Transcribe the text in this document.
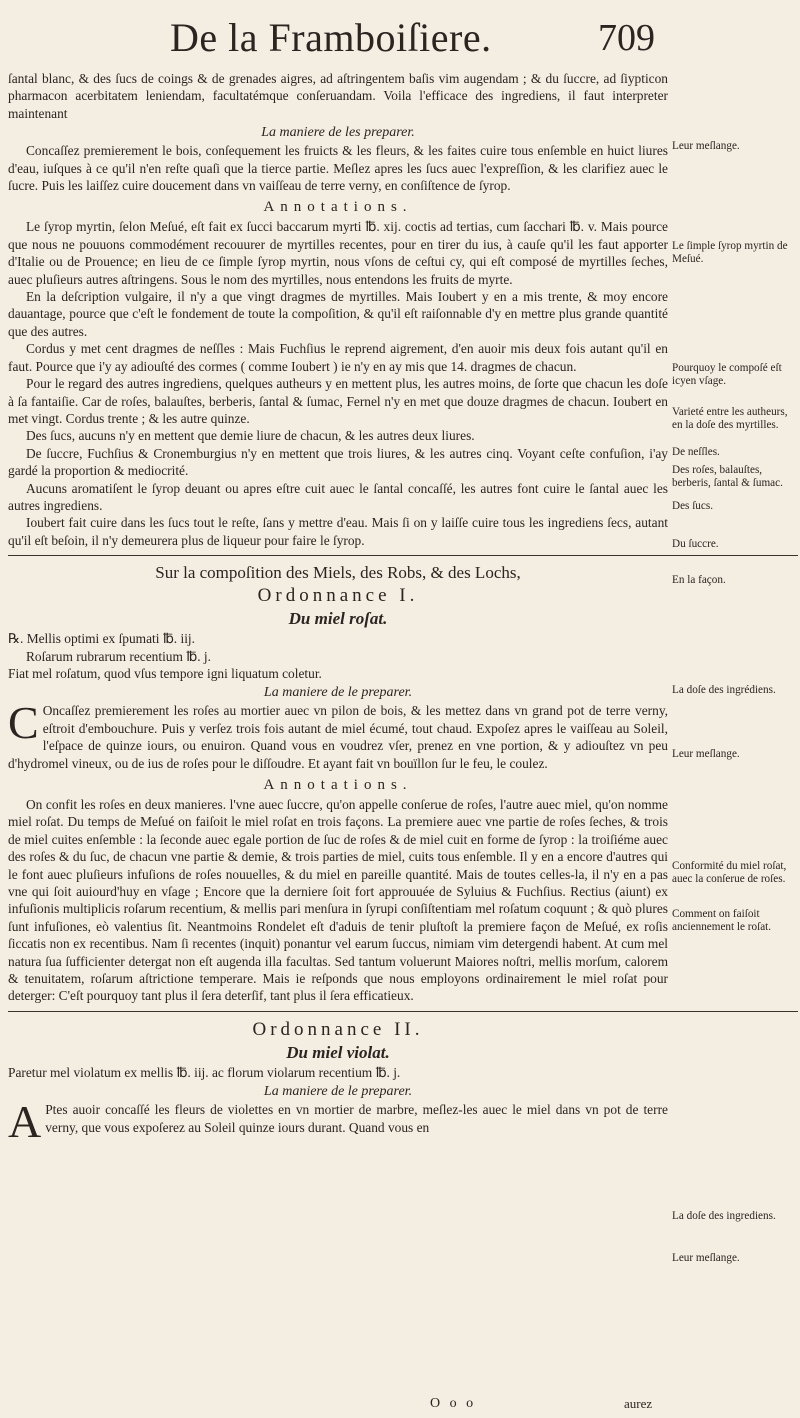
De la Framboiſiere.	709

ſantal blanc, & des ſucs de coings & de grenades aigres, ad aſtringentem baſis vim augendam ; & du ſuccre, ad ſiypticon pharmacon acerbitatem leniendam, facultatémque conſeruandam. Voila l'efficace des ingrediens, il faut interpreter maintenant

La maniere de les preparer.

Concaſſez premierement le bois, conſequement les fruicts & les fleurs, & les faites cuire tous enſemble en huict liures d'eau, iuſques à ce qu'il n'en reſte quaſi que la tierce partie. Meſlez apres les ſucs auec l'expreſſion, & les clarifiez auec le ſucre. Puis les laiſſez cuire doucement dans vn vaiſſeau de terre verny, en conſiſtence de ſyrop.

Annotations.

Le ſyrop myrtin, ſelon Meſué, eſt fait ex ſucci baccarum myrti ℔. xij. coctis ad tertias, cum ſacchari ℔. v. Mais pource que nous ne pouuons commodément recouurer de myrtilles recentes, pour en tirer du ius, à cauſe qu'il les faut apporter d'Italie ou de Prouence; en lieu de ce ſimple ſyrop myrtin, nous vſons de ceſtui cy, qui eſt composé de myrtilles ſeches, auec pluſieurs autres aſtringens. Sous le nom des myrtilles, nous entendons les fruits de myrte.

En la deſcription vulgaire, il n'y a que vingt dragmes de myrtilles. Mais Ioubert y en a mis trente, & moy encore dauantage, pource que c'eſt le fondement de toute la compoſition, & qu'il eſt raiſonnable d'y en mettre plus grande quantité que des autres.

Cordus y met cent dragmes de neſſles : Mais Fuchſius le reprend aigrement, d'en auoir mis deux fois autant qu'il en faut. Pource que i'y ay adiouſté des cormes ( comme Ioubert ) ie n'y en ay mis que 14. dragmes de chacun.

Pour le regard des autres ingrediens, quelques autheurs y en mettent plus, les autres moins, de ſorte que chacun les doſe à ſa fantaiſie. Car de roſes, balauſtes, berberis, ſantal & ſumac, Fernel n'y en met que douze dragmes de chacun. Ioubert en met vingt. Cordus trente ; & les autre quinze.

Des ſucs, aucuns n'y en mettent que demie liure de chacun, & les autres deux liures.

De ſuccre, Fuchſius & Cronemburgius n'y en mettent que trois liures, & les autres cinq. Voyant ceſte confuſion, i'ay gardé la proportion & mediocrité.

Aucuns aromatiſent le ſyrop deuant ou apres eſtre cuit auec le ſantal concaſſé, les autres font cuire le ſantal auec les autres ingrediens.

Ioubert fait cuire dans les ſucs tout le reſte, ſans y mettre d'eau. Mais ſi on y laiſſe cuire tous les ingrediens ſecs, autant qu'il eſt beſoin, il n'y demeurera plus de liqueur pour faire le ſyrop.

Sur la compoſition des Miels, des Robs, & des Lochs,

Ordonnance I.

Du miel roſat.

℞. Mellis optimi ex ſpumati ℔. iij.

Roſarum rubrarum recentium ℔. j.

Fiat mel roſatum, quod vſus tempore igni liquatum coletur.

La maniere de le preparer.

C Oncaſſez premierement les roſes au mortier auec vn pilon de bois, & les mettez dans vn grand pot de terre verny, eſtroit d'embouchure. Puis y verſez trois fois autant de miel écumé, tout chaud. Expoſez apres le vaiſſeau au Soleil, l'eſpace de quinze iours, ou enuiron. Quand vous en voudrez vſer, prenez en vne portion, & y adiouſtez vn peu d'hydromel vineux, ou de ius de roſes pour le diſſoudre. Et ayant fait vn bouïllon ſur le feu, le coulez.

Annotations.

On confit les roſes en deux manieres. l'vne auec ſuccre, qu'on appelle conſerue de roſes, l'autre auec miel, qu'on nomme miel roſat. Du temps de Meſué on faiſoit le miel roſat en trois façons. La premiere auec vne partie de roſes ſeches, & trois de miel cuites enſemble : la ſeconde auec egale portion de ſuc de roſes & de miel cuit en forme de ſyrop : la troiſiéme auec des roſes & du ſuc, de chacun vne partie & demie, & trois parties de miel, cuits tous enſemble. Il y en a encore d'autres qui le font auec pluſieurs infuſions de roſes nouuelles, & du miel en pareille quantité. Mais de toutes celles-la, il n'y en a pas vne qui ſoit auiourd'huy en vſage ; Encore que la derniere ſoit fort approuuée de Syluius & Fuchſius. Rectius (aiunt) ex infuſionis multiplicis roſarum recentium, & mellis pari menſura in ſyrupi conſiſtentiam mel roſatum coquunt ; & quò plures ſunt infuſiones, eò valentius ſit. Neantmoins Rondelet eſt d'aduis de tenir pluſtoſt la premiere façon de Meſué, ex roſis ſiccatis non ex recentibus. Nam ſi recentes (inquit) ponantur vel earum ſuccus, nimiam vim detergendi habent. At cum mel natura ſua ſufficienter detergat non eſt augenda illa facultas. Sed tantum voluerunt Maiores noſtri, mellis morſum, calorem & tenuitatem, roſarum aſtrictione temperare. Mais ie reſponds que nous employons ordinairement le miel roſat pour deterger: C'eſt pourquoy tant plus il ſera deterſif, tant plus il ſera efficatieux.

Ordonnance II.

Du miel violat.

Paretur mel violatum ex mellis ℔. iij. ac florum violarum recentium ℔. j.

La maniere de le preparer.

A Ptes auoir concaſſé les fleurs de violettes en vn mortier de marbre, meſlez-les auec le miel dans vn pot de terre verny, que vous expoſerez au Soleil quinze iours durant. Quand vous en

O o o	aurez
Leur meſlange.
Le ſimple ſyrop myrtin de Meſué.
Pourquoy le compoſé eſt icyen vſage.
Varieté entre les autheurs, en la doſe des myrtilles.
De neſſles.
Des roſes, balauſtes, berberis, ſantal & ſumac.
Des ſucs.
Du ſuccre.
En la façon.
La doſe des ingrédiens.
Leur meſlange.
Conformité du miel roſat, auec la conſerue de roſes.
Comment on faiſoit anciennement le roſat.
La doſe des ingrediens.
Leur meſlange.
